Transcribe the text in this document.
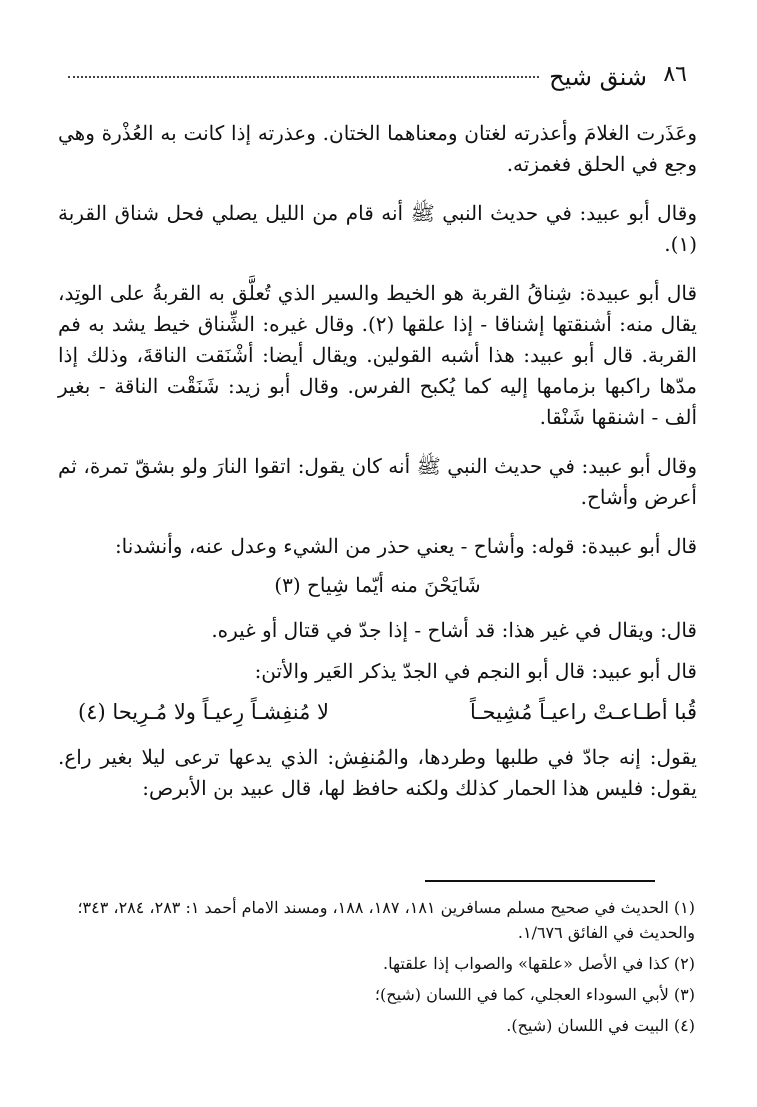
شنق شيح ٨٦

وعَذَرت الغلامَ وأعذرته لغتان ومعناهما الختان. وعذرته إذا كانت به العُذْرة وهي وجع في الحلق فغمزته.

وقال أبو عبيد: في حديث النبي ﷺ أنه قام من الليل يصلي فحل شناق القربة (١).

قال أبو عبيدة: شِناقُ القربة هو الخيط والسير الذي تُعلَّق به القربةُ على الوتِد، يقال منه: أشنقتها إشناقا - إذا علقها (٢). وقال غيره: الشِّناق خيط يشد به فم القربة. قال أبو عبيد: هذا أشبه القولين. ويقال أيضا: أشْنَقت الناقةَ، وذلك إذا مدّها راكبها بزمامها إليه كما يُكبح الفرس. وقال أبو زيد: شَنَقْت الناقة - بغير ألف - اشنقها شَنْقا.

وقال أبو عبيد: في حديث النبي ﷺ أنه كان يقول: اتقوا النارَ ولو بشقّ تمرة، ثم أعرض وأشاح.

قال أبو عبيدة: قوله: وأشاح - يعني حذر من الشيء وعدل عنه، وأنشدنا:

شَايَحْنَ منه أيّما شِياح (٣)

قال: ويقال في غير هذا: قد أشاح - إذا جدّ في قتال أو غيره.

قال أبو عبيد: قال أبو النجم في الجدّ يذكر العَير والأتن:

قُبا أطـاعـتْ راعيـاً مُشِيحـاً
لا مُنفِشـاً رِعيـاً ولا مُـرِيحا (٤)

يقول: إنه جادّ في طلبها وطردها، والمُنفِش: الذي يدعها ترعى ليلا بغير راع. يقول: فليس هذا الحمار كذلك ولكنه حافظ لها، قال عبيد بن الأبرص:

(١) الحديث في صحيح مسلم مسافرين ١٨١، ١٨٧، ١٨٨، ومسند الامام أحمد ١: ٢٨٣، ٢٨٤، ٣٤٣؛ والحديث في الفائق ١/٦٧٦.
(٢) كذا في الأصل «علقها» والصواب إذا علقتها.
(٣) لأبي السوداء العجلي، كما في اللسان (شيح)؛
(٤) البيت في اللسان (شيح).
